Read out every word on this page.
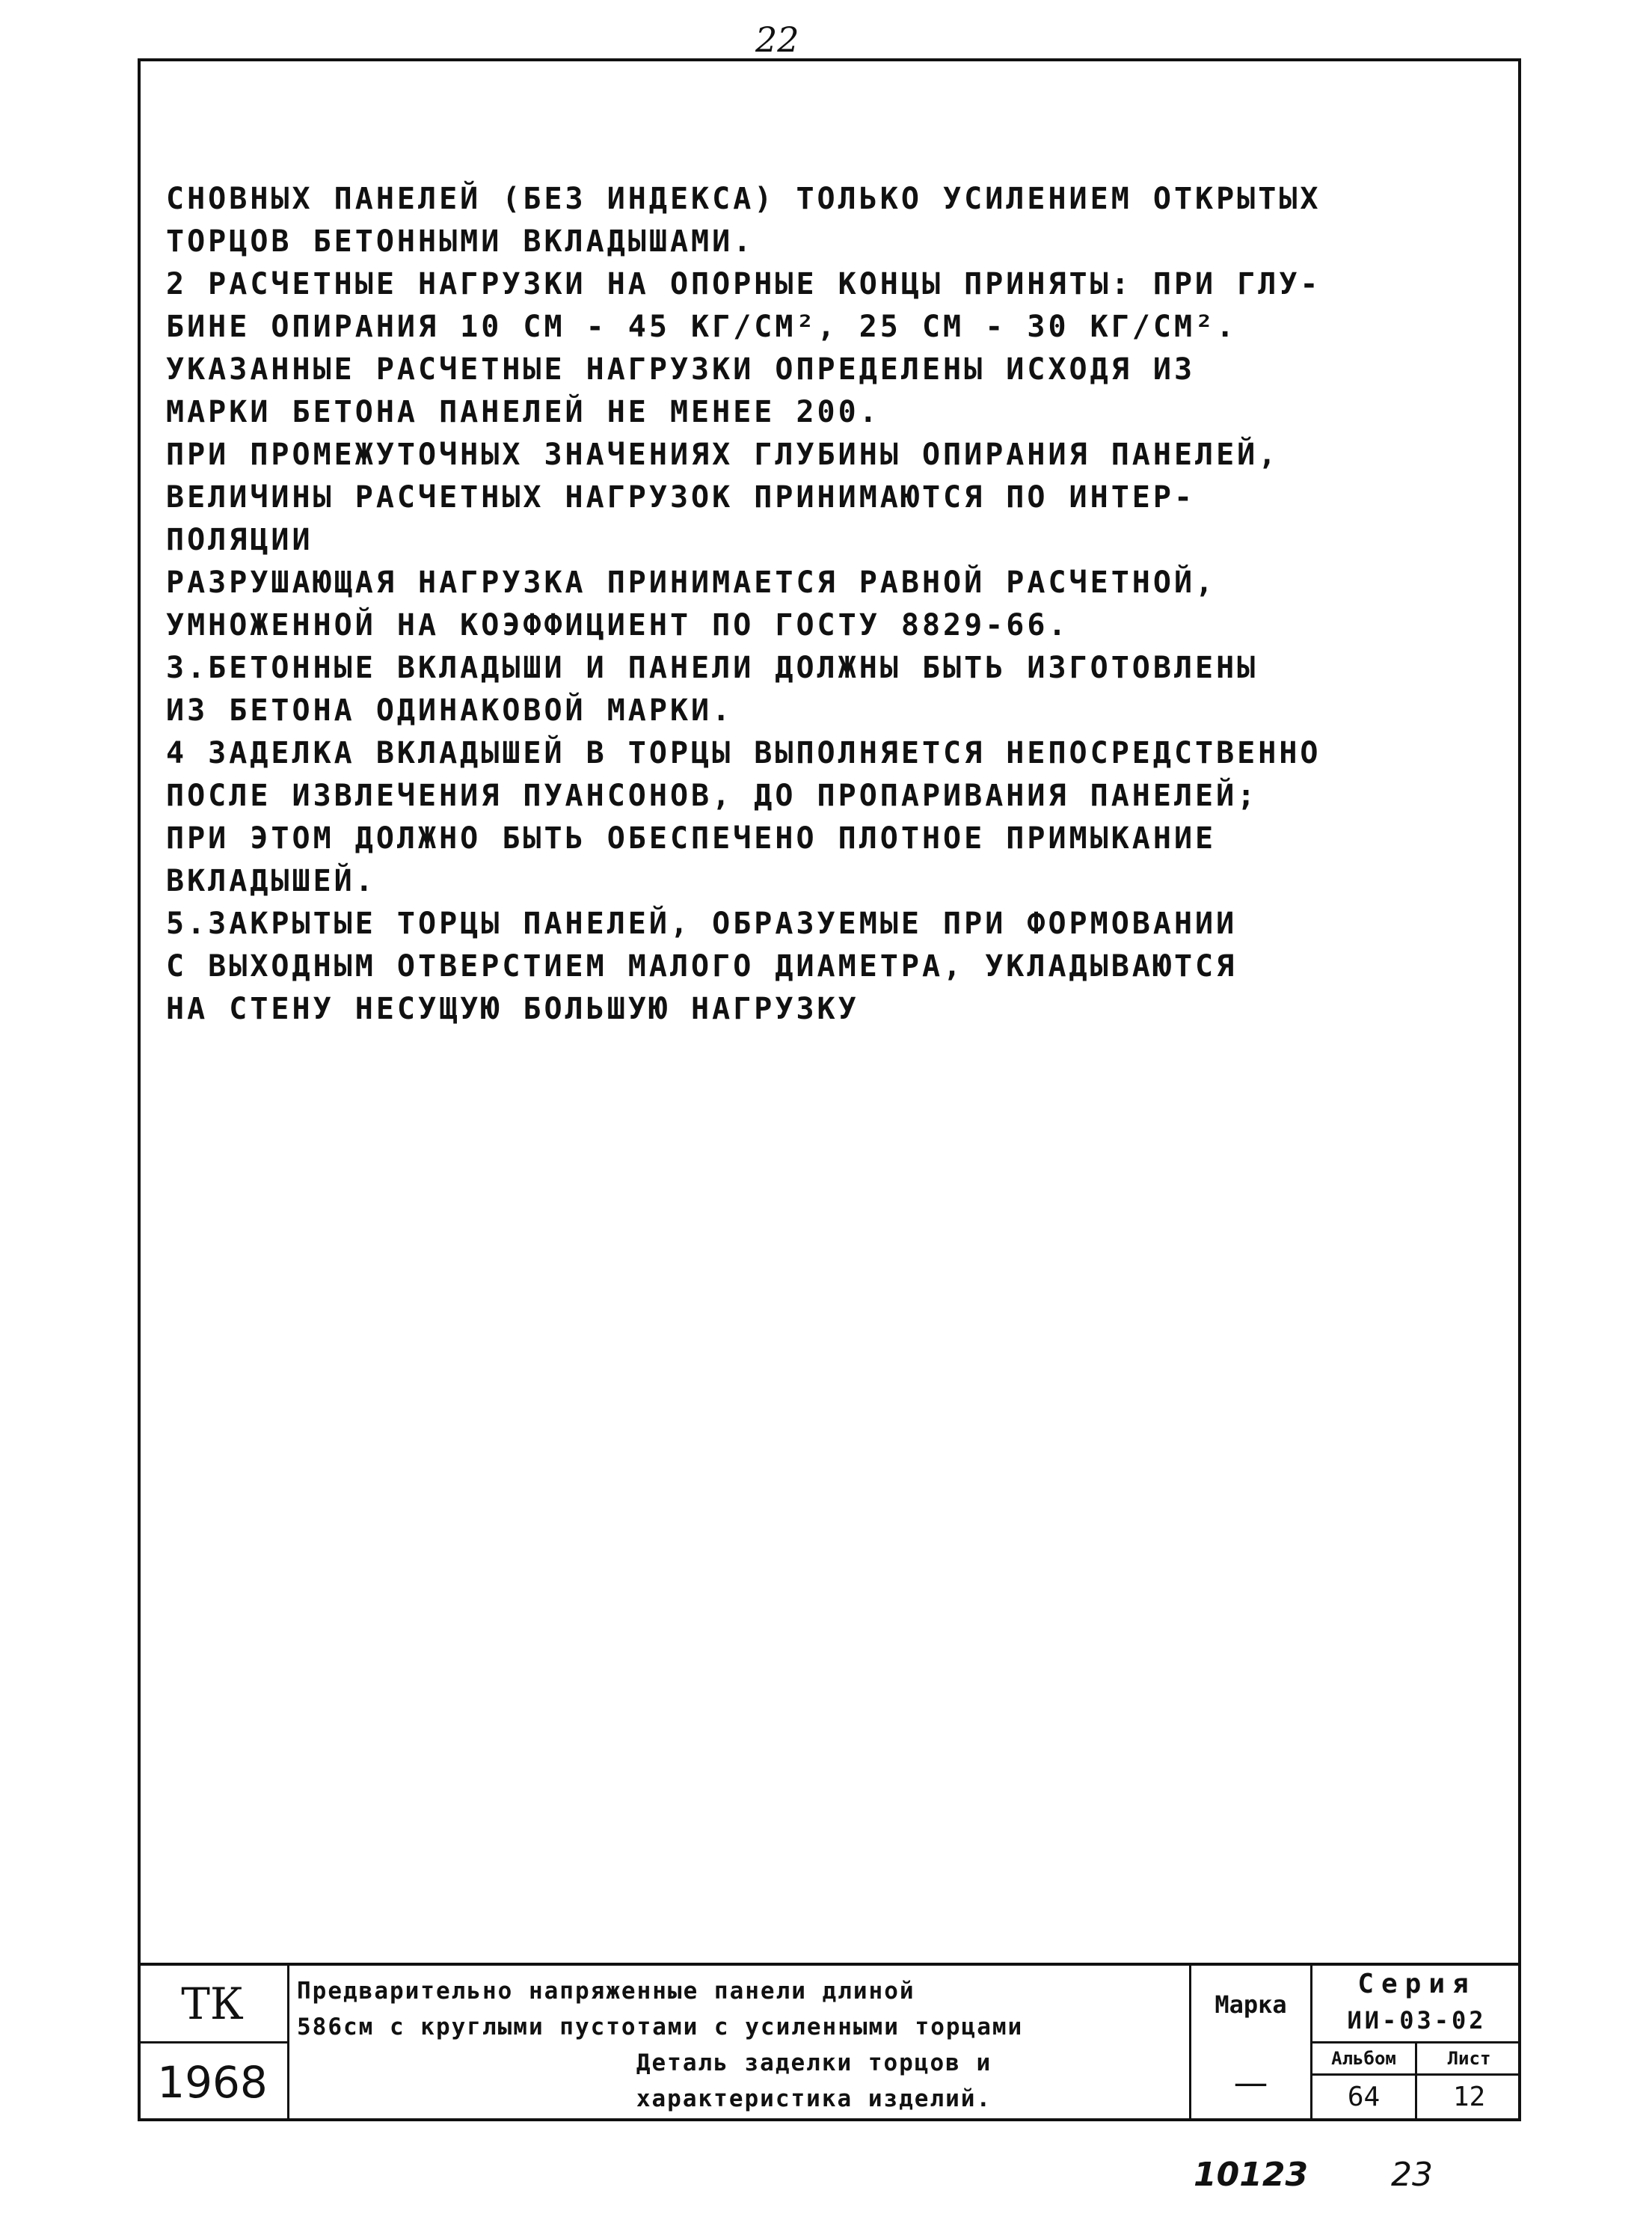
22
СНОВНЫХ ПАНЕЛЕЙ (БЕЗ ИНДЕКСА) ТОЛЬКО УСИЛЕНИЕМ ОТКРЫТЫХ
ТОРЦОВ БЕТОННЫМИ ВКЛАДЫШАМИ.
2 РАСЧЕТНЫЕ НАГРУЗКИ НА ОПОРНЫЕ КОНЦЫ ПРИНЯТЫ: ПРИ ГЛУ-
БИНЕ ОПИРАНИЯ 10 СМ - 45 КГ/СМ², 25 СМ - 30 КГ/СМ².
УКАЗАННЫЕ РАСЧЕТНЫЕ НАГРУЗКИ ОПРЕДЕЛЕНЫ ИСХОДЯ ИЗ
МАРКИ БЕТОНА ПАНЕЛЕЙ НЕ МЕНЕЕ 200.
ПРИ ПРОМЕЖУТОЧНЫХ ЗНАЧЕНИЯХ ГЛУБИНЫ ОПИРАНИЯ ПАНЕЛЕЙ,
ВЕЛИЧИНЫ РАСЧЕТНЫХ НАГРУЗОК ПРИНИМАЮТСЯ ПО ИНТЕР-
ПОЛЯЦИИ
РАЗРУШАЮЩАЯ НАГРУЗКА ПРИНИМАЕТСЯ РАВНОЙ РАСЧЕТНОЙ,
УМНОЖЕННОЙ НА КОЭФФИЦИЕНТ ПО ГОСТУ 8829-66.
3.БЕТОННЫЕ ВКЛАДЫШИ И ПАНЕЛИ ДОЛЖНЫ БЫТЬ ИЗГОТОВЛЕНЫ
ИЗ БЕТОНА ОДИНАКОВОЙ МАРКИ.
4 ЗАДЕЛКА ВКЛАДЫШЕЙ В ТОРЦЫ ВЫПОЛНЯЕТСЯ НЕПОСРЕДСТВЕННО
ПОСЛЕ ИЗВЛЕЧЕНИЯ ПУАНСОНОВ, ДО ПРОПАРИВАНИЯ ПАНЕЛЕЙ;
ПРИ ЭТОМ ДОЛЖНО БЫТЬ ОБЕСПЕЧЕНО ПЛОТНОЕ ПРИМЫКАНИЕ
ВКЛАДЫШЕЙ.
5.ЗАКРЫТЫЕ ТОРЦЫ ПАНЕЛЕЙ, ОБРАЗУЕМЫЕ ПРИ ФОРМОВАНИИ
С ВЫХОДНЫМ ОТВЕРСТИЕМ МАЛОГО ДИАМЕТРА, УКЛАДЫВАЮТСЯ
НА СТЕНУ НЕСУЩУЮ БОЛЬШУЮ НАГРУЗКУ
ТК
1968
Предварительно напряженные панели длиной
586см с круглыми пустотами с усиленными торцами
Деталь заделки торцов и
характеристика изделий.
Марка
—
Серия
ИИ-03-02
Альбом
64
Лист
12
10123	23
